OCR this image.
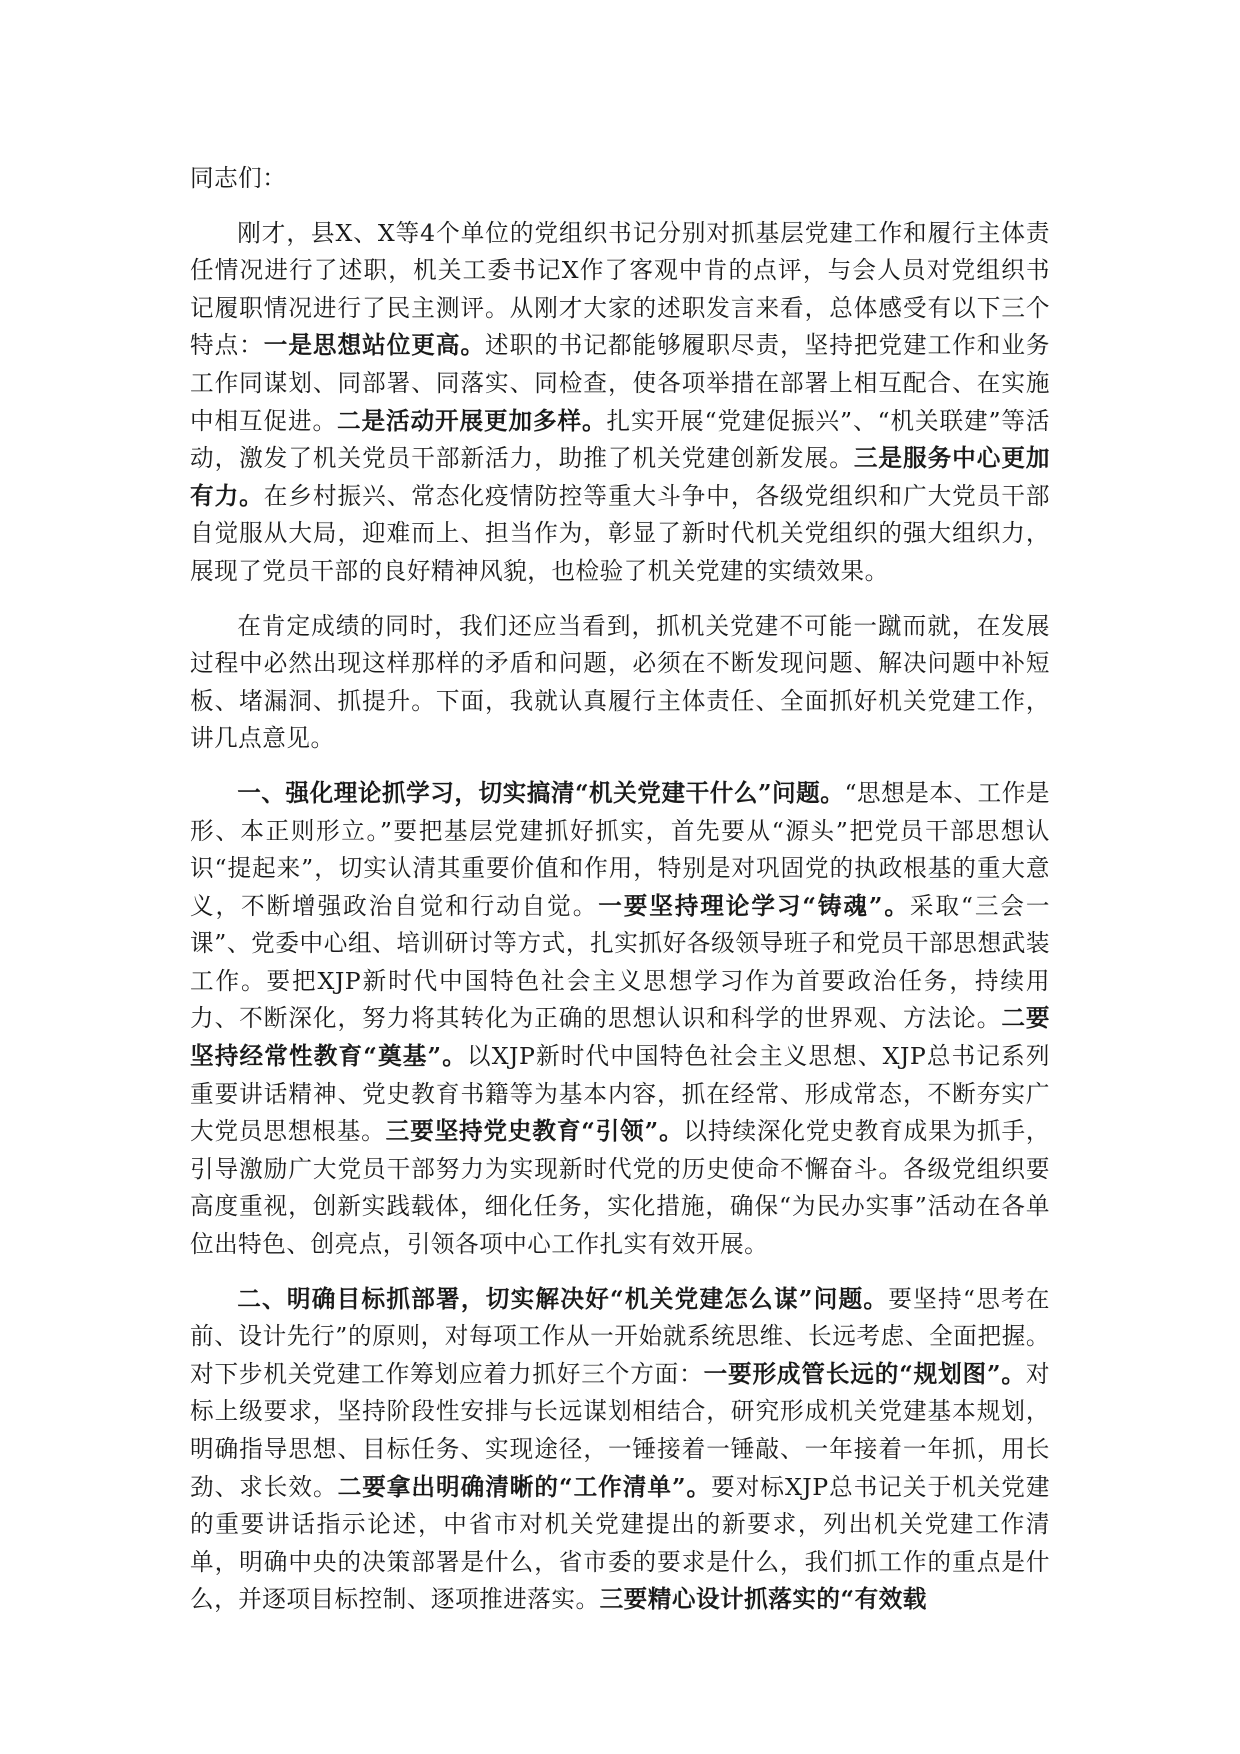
同志们：

刚才，县X、X等4个单位的党组织书记分别对抓基层党建工作和履行主体责任情况进行了述职，机关工委书记X作了客观中肯的点评，与会人员对党组织书记履职情况进行了民主测评。从刚才大家的述职发言来看，总体感受有以下三个特点：一是思想站位更高。述职的书记都能够履职尽责，坚持把党建工作和业务工作同谋划、同部署、同落实、同检查，使各项举措在部署上相互配合、在实施中相互促进。二是活动开展更加多样。扎实开展“党建促振兴”、“机关联建”等活动，激发了机关党员干部新活力，助推了机关党建创新发展。三是服务中心更加有力。在乡村振兴、常态化疫情防控等重大斗争中，各级党组织和广大党员干部自觉服从大局，迎难而上、担当作为，彰显了新时代机关党组织的强大组织力，展现了党员干部的良好精神风貌，也检验了机关党建的实绩效果。

在肯定成绩的同时，我们还应当看到，抓机关党建不可能一蹴而就，在发展过程中必然出现这样那样的矛盾和问题，必须在不断发现问题、解决问题中补短板、堵漏洞、抓提升。下面，我就认真履行主体责任、全面抓好机关党建工作，讲几点意见。

一、强化理论抓学习，切实搞清“机关党建干什么”问题。“思想是本、工作是形、本正则形立。”要把基层党建抓好抓实，首先要从“源头”把党员干部思想认识“提起来”，切实认清其重要价值和作用，特别是对巩固党的执政根基的重大意义，不断增强政治自觉和行动自觉。一要坚持理论学习“铸魂”。采取“三会一课”、党委中心组、培训研讨等方式，扎实抓好各级领导班子和党员干部思想武装工作。要把XJP新时代中国特色社会主义思想学习作为首要政治任务，持续用力、不断深化，努力将其转化为正确的思想认识和科学的世界观、方法论。二要坚持经常性教育“奠基”。以XJP新时代中国特色社会主义思想、XJP总书记系列重要讲话精神、党史教育书籍等为基本内容，抓在经常、形成常态，不断夯实广大党员思想根基。三要坚持党史教育“引领”。以持续深化党史教育成果为抓手，引导激励广大党员干部努力为实现新时代党的历史使命不懈奋斗。各级党组织要高度重视，创新实践载体，细化任务，实化措施，确保“为民办实事”活动在各单位出特色、创亮点，引领各项中心工作扎实有效开展。

二、明确目标抓部署，切实解决好“机关党建怎么谋”问题。要坚持“思考在前、设计先行”的原则，对每项工作从一开始就系统思维、长远考虑、全面把握。对下步机关党建工作筹划应着力抓好三个方面：一要形成管长远的“规划图”。对标上级要求，坚持阶段性安排与长远谋划相结合，研究形成机关党建基本规划，明确指导思想、目标任务、实现途径，一锤接着一锤敲、一年接着一年抓，用长劲、求长效。二要拿出明确清晰的“工作清单”。要对标XJP总书记关于机关党建的重要讲话指示论述，中省市对机关党建提出的新要求，列出机关党建工作清单，明确中央的决策部署是什么，省市委的要求是什么，我们抓工作的重点是什么，并逐项目标控制、逐项推进落实。三要精心设计抓落实的“有效载
